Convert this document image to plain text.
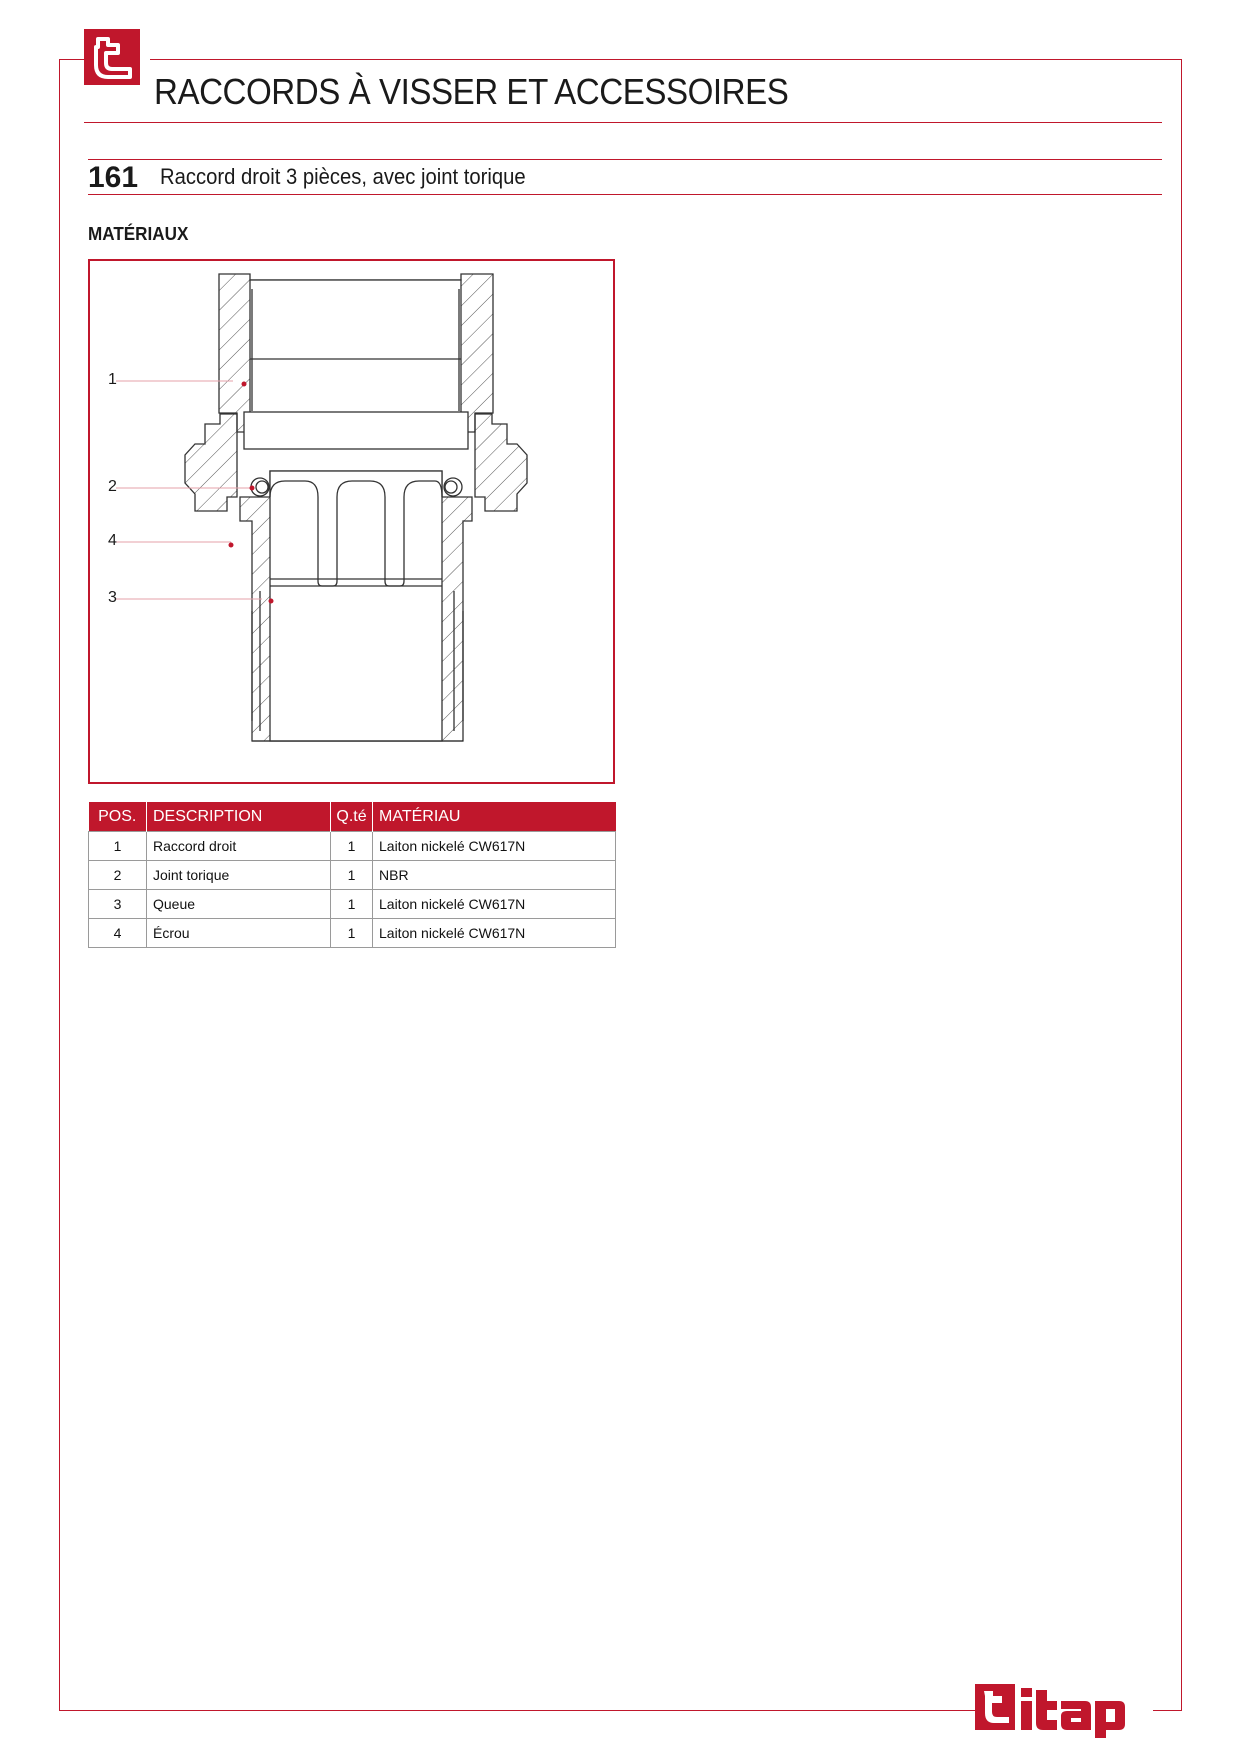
RACCORDS À VISSER ET ACCESSOIRES
161 Raccord droit 3 pièces, avec joint torique
MATÉRIAUX
1
2
4
3
POS.	DESCRIPTION	Q.té	MATÉRIAU
1	Raccord droit	1	Laiton nickelé CW617N
2	Joint torique	1	NBR
3	Queue	1	Laiton nickelé CW617N
4	Écrou	1	Laiton nickelé CW617N
